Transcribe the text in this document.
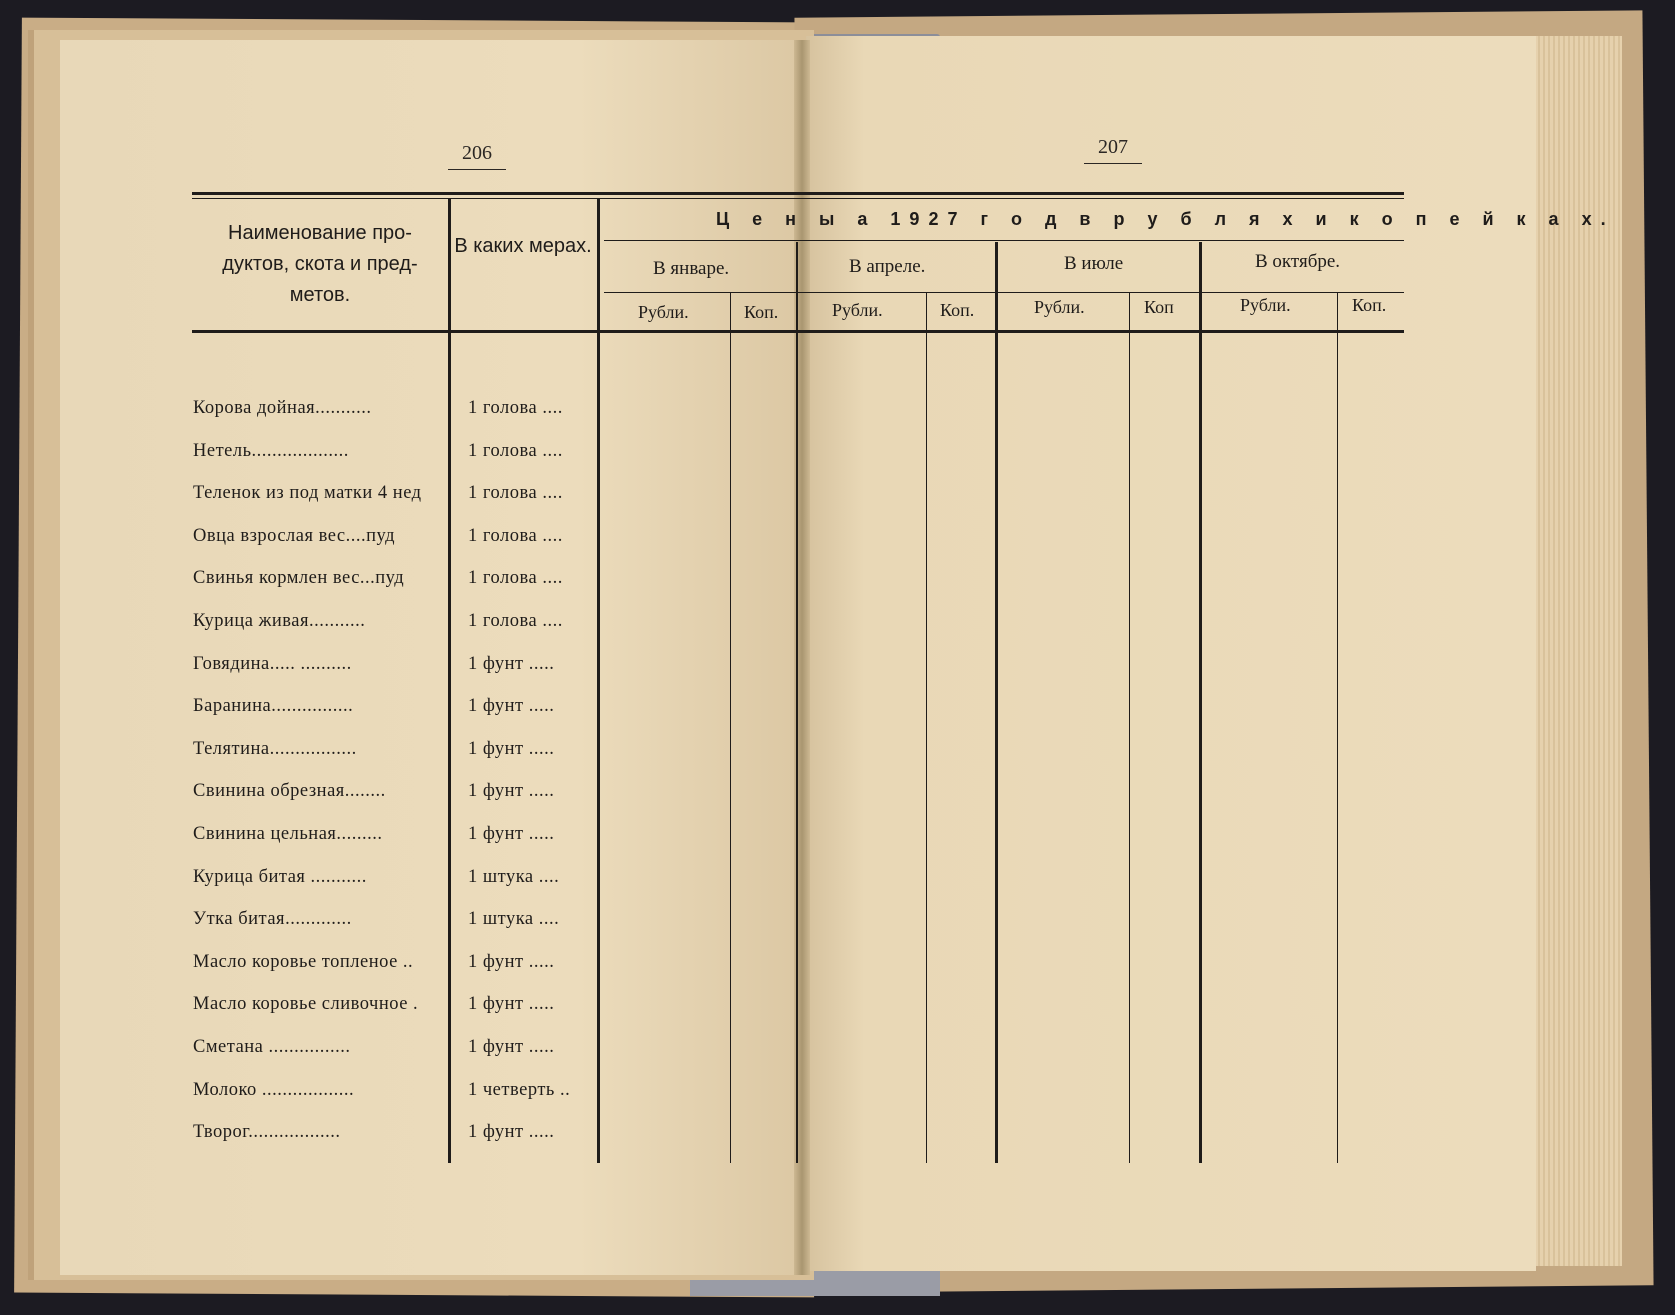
206	207
Наименование про-дуктов, скота и пред-метов.
В каких мерах.
Ц е н ы а 1927 г о д в р у б л я х и к о п е й к а х.
В январе.	В апреле.	В июле	В октябре.
Рубли.	Коп.	Рубли.	Коп.	Рубли.	Коп	Рубли.	Коп.
Корова дойная...........	1 голова ....
Нетель...................	1 голова ....
Теленок из под матки 4 нед	1 голова ....
Овца взрослая вес....пуд	1 голова ....
Свинья кормлен вес...пуд	1 голова ....
Курица живая...........	1 голова ....
Говядина..... ..........	1 фунт .....
Баранина................	1 фунт .....
Телятина.................	1 фунт .....
Свинина обрезная........	1 фунт .....
Свинина цельная.........	1 фунт .....
Курица битая ...........	1 штука ....
Утка битая.............	1 штука ....
Масло коровье топленое ..	1 фунт .....
Масло коровье сливочное .	1 фунт .....
Сметана ................	1 фунт .....
Молоко ..................	1 четверть ..
Творог..................	1 фунт .....
